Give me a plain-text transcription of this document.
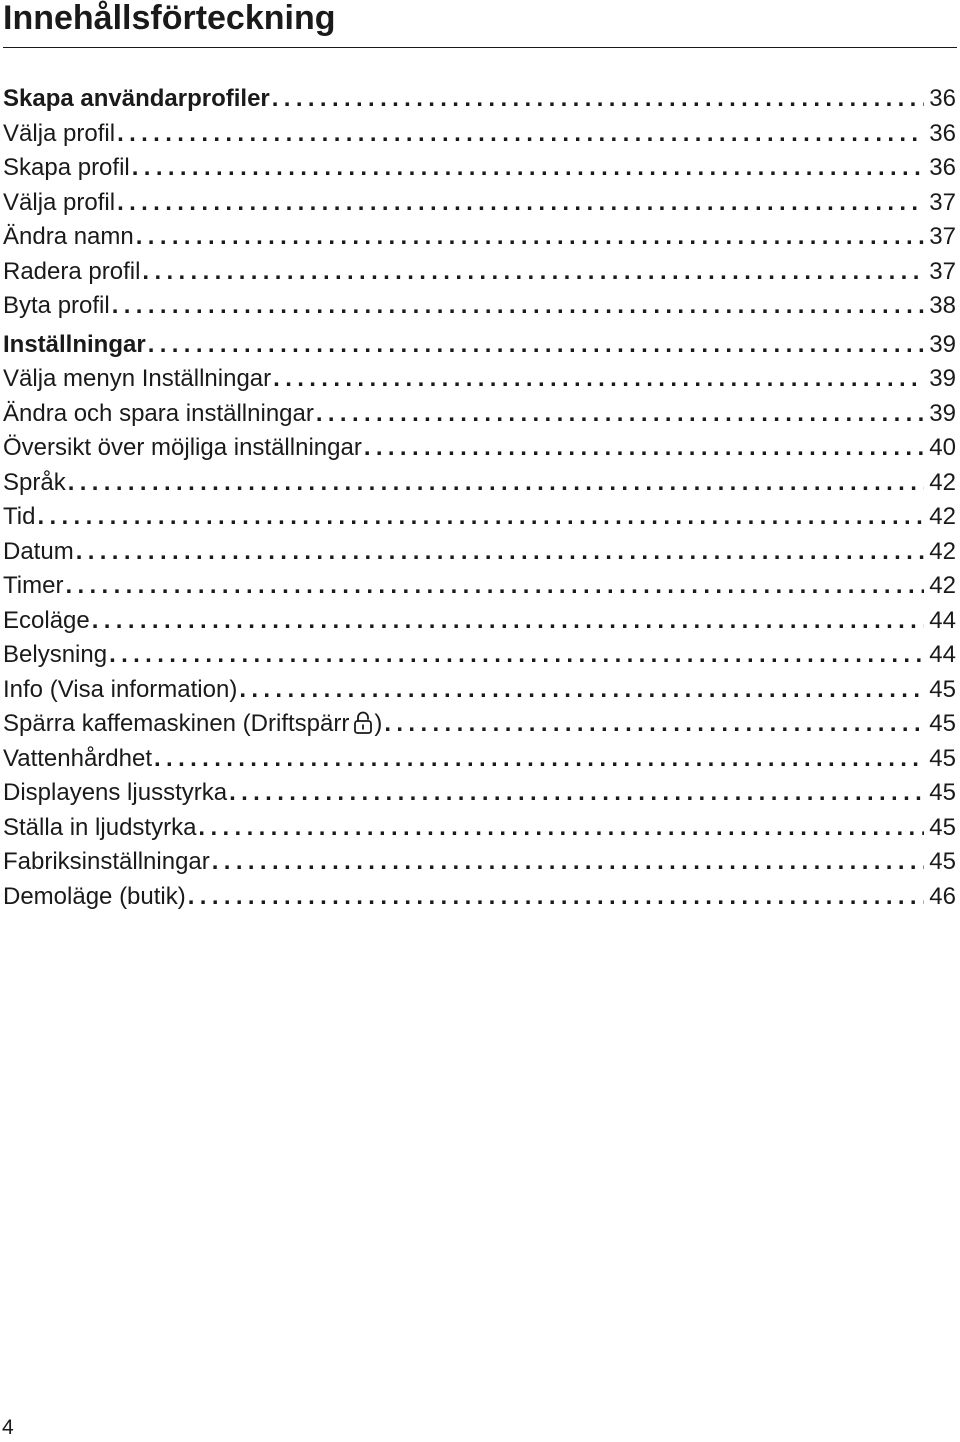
Innehållsförteckning
Skapa användarprofiler . . .	36
Välja profil . . .	36
Skapa profil . . .	36
Välja profil . . .	37
Ändra namn . . .	37
Radera profil . . .	37
Byta profil . . .	38
Inställningar . . .	39
Välja menyn Inställningar . . .	39
Ändra och spara inställningar . . .	39
Översikt över möjliga inställningar . . .	40
Språk . . .	42
Tid . . .	42
Datum . . .	42
Timer . . .	42
Ecoläge . . .	44
Belysning . . .	44
Info (Visa information) . . .	45
Spärra kaffemaskinen (Driftspärr ) . . .	45
Vattenhårdhet . . .	45
Displayens ljusstyrka . . .	45
Ställa in ljudstyrka . . .	45
Fabriksinställningar . . .	45
Demoläge (butik) . . .	46
4
